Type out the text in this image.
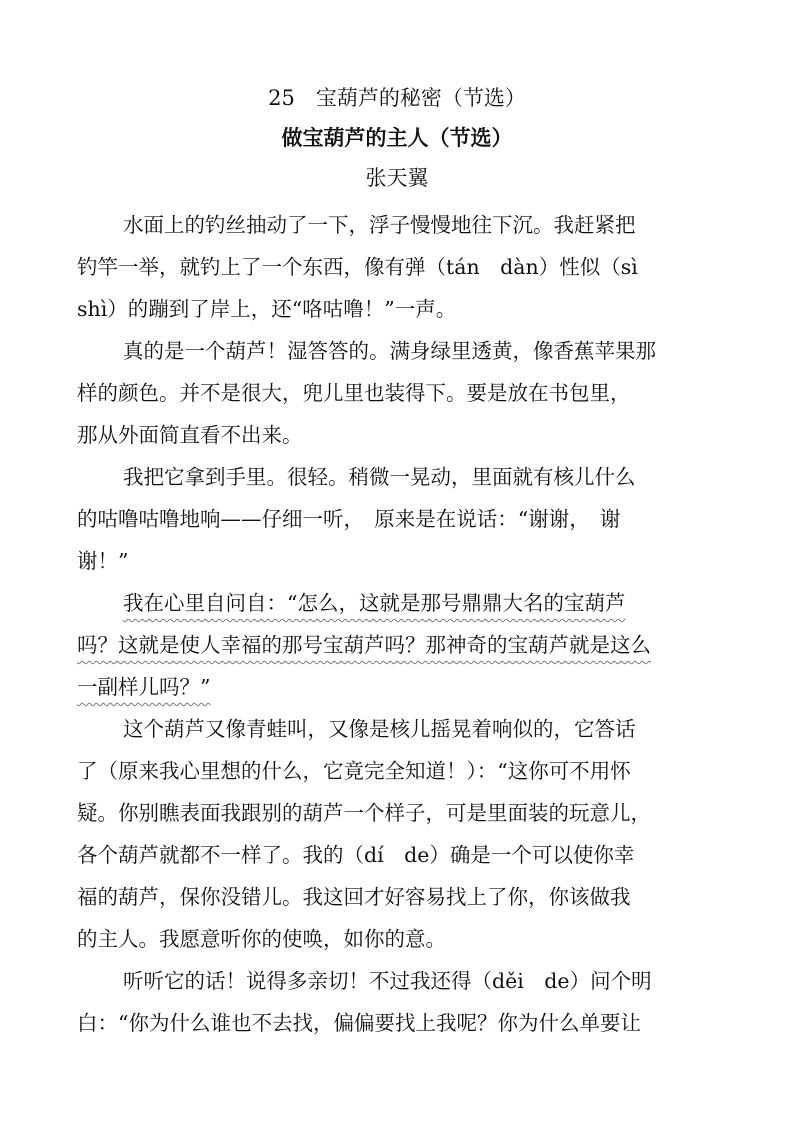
25　宝葫芦的秘密（节选）
做宝葫芦的主人（节选）
张天翼

水面上的钓丝抽动了一下，浮子慢慢地往下沉。我赶紧把
钓竿一举，就钓上了一个东西，像有弹（tán　dàn）性似（sì
shì）的蹦到了岸上，还“咯咕噜！”一声。

真的是一个葫芦！湿答答的。满身绿里透黄，像香蕉苹果那
样的颜色。并不是很大，兜儿里也装得下。要是放在书包里，
那从外面简直看不出来。

我把它拿到手里。很轻。稍微一晃动，里面就有核儿什么
的咕噜咕噜地响——仔细一听，　原来是在说话：“谢谢，　谢
谢！”

我在心里自问自：“怎么，这就是那号鼎鼎大名的宝葫芦
吗？这就是使人幸福的那号宝葫芦吗？那神奇的宝葫芦就是这么
一副样儿吗？”

这个葫芦又像青蛙叫，又像是核儿摇晃着响似的，它答话
了（原来我心里想的什么，它竟完全知道！）：“这你可不用怀
疑。你别瞧表面我跟别的葫芦一个样子，可是里面装的玩意儿，
各个葫芦就都不一样了。我的（dí　de）确是一个可以使你幸
福的葫芦，保你没错儿。我这回才好容易找上了你，你该做我
的主人。我愿意听你的使唤，如你的意。

听听它的话！说得多亲切！不过我还得（děi　de）问个明
白：“你为什么谁也不去找，偏偏要找上我呢？你为什么单要让
